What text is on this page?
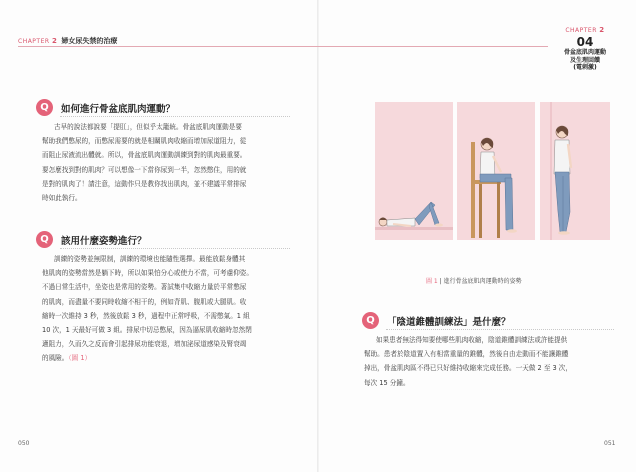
CHAPTER 2 婦女尿失禁的治療
Q	如何進行骨盆底肌肉運動？
古早的說法都說要「提肛」，但似乎太籠統。骨盆底肌肉運動是要
幫助我們憋尿的，而憋尿需要的就是相關肌肉收縮而增加尿道阻力，從
而阻止尿液流出體就。所以，骨盆底肌肉運動訓練到對的肌肉最重要。
要怎麼找到對的肌肉？可以想像一下當你尿到一半，忽然憋住，用的就
是對的肌肉了！請注意，這動作只是教你找出肌肉，並不建議平常排尿
時如此執行。
Q	該用什麼姿勢進行？
訓練的姿勢並無限制，訓練的環境也能隨性選擇。最能放鬆身體其
他肌肉的姿勢當然是躺下時，所以如果怕分心或使力不當，可考慮仰姿。
不過日常生活中，坐姿也是常用的姿勢。著試集中收縮力量於平常憋尿
的肌肉，而盡量不要同時收縮不相干的，例如背肌、腹肌或大腿肌。收
縮時一次維持 3 秒，然後放鬆 3 秒，過程中正常呼吸，不需憋氣。1 組
10 次，1 天最好可做 3 組。排尿中切忌憋尿，因為逼尿肌收縮時忽然閉
適阻力，久而久之反而會引起排尿功能衰退，增加泌尿道感染及腎衰竭
的風險。（圖 1）
050
CHAPTER 2
04
骨盆底肌肉運動
及生理回饋
(電刺激)
圖 1 | 進行骨盆底肌肉運動時的姿勢
Q	「陰道錐體訓練法」是什麼？
如果患者無法得知要使哪些肌肉收縮，陰道錐體訓練法或許能提供
幫助。患者於陰道置入有相當重量的錐體，然後自由走動而不能讓錐體
掉出，骨盆肌肉區不得已只好維持收縮來完成任務。一天做 2 至 3 次，
每次 15 分鐘。
051
